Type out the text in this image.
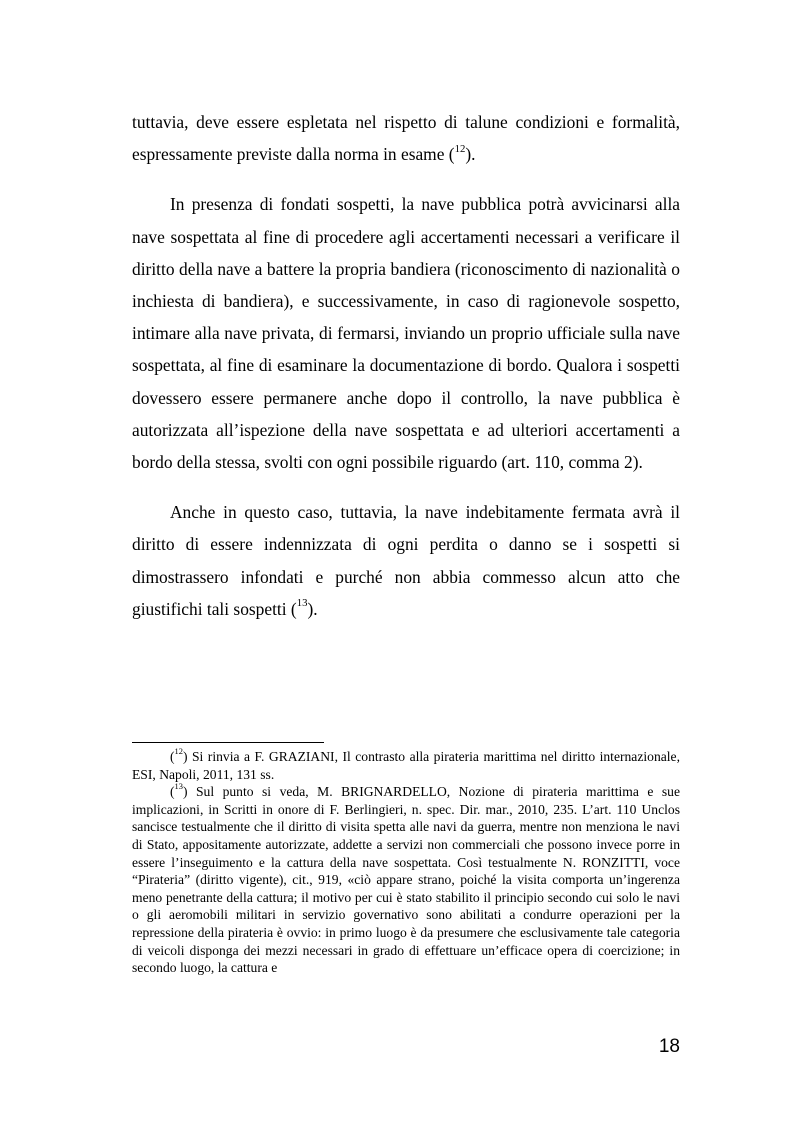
tuttavia, deve essere espletata nel rispetto di talune condizioni e formalità, espressamente previste dalla norma in esame ($^{12}$).

In presenza di fondati sospetti, la nave pubblica potrà avvicinarsi alla nave sospettata al fine di procedere agli accertamenti necessari a verificare il diritto della nave a battere la propria bandiera (riconoscimento di nazionalità o inchiesta di bandiera), e successivamente, in caso di ragionevole sospetto, intimare alla nave privata, di fermarsi, inviando un proprio ufficiale sulla nave sospettata, al fine di esaminare la documentazione di bordo. Qualora i sospetti dovessero essere permanere anche dopo il controllo, la nave pubblica è autorizzata all’ispezione della nave sospettata e ad ulteriori accertamenti a bordo della stessa, svolti con ogni possibile riguardo (art. 110, comma 2).

Anche in questo caso, tuttavia, la nave indebitamente fermata avrà il diritto di essere indennizzata di ogni perdita o danno se i sospetti si dimostrassero infondati e purché non abbia commesso alcun atto che giustifichi tali sospetti ($^{13}$).

($^{12}$) Si rinvia a F. GRAZIANI, Il contrasto alla pirateria marittima nel diritto internazionale, ESI, Napoli, 2011, 131 ss.

($^{13}$) Sul punto si veda, M. BRIGNARDELLO, Nozione di pirateria marittima e sue implicazioni, in Scritti in onore di F. Berlingieri, n. spec. Dir. mar., 2010, 235. L’art. 110 Unclos sancisce testualmente che il diritto di visita spetta alle navi da guerra, mentre non menziona le navi di Stato, appositamente autorizzate, addette a servizi non commerciali che possono invece porre in essere l’inseguimento e la cattura della nave sospettata. Così testualmente N. RONZITTI, voce “Pirateria” (diritto vigente), cit., 919, «ciò appare strano, poiché la visita comporta un’ingerenza meno penetrante della cattura; il motivo per cui è stato stabilito il principio secondo cui solo le navi o gli aeromobili militari in servizio governativo sono abilitati a condurre operazioni per la repressione della pirateria è ovvio: in primo luogo è da presumere che esclusivamente tale categoria di veicoli disponga dei mezzi necessari in grado di effettuare un’efficace opera di coercizione; in secondo luogo, la cattura e

18
